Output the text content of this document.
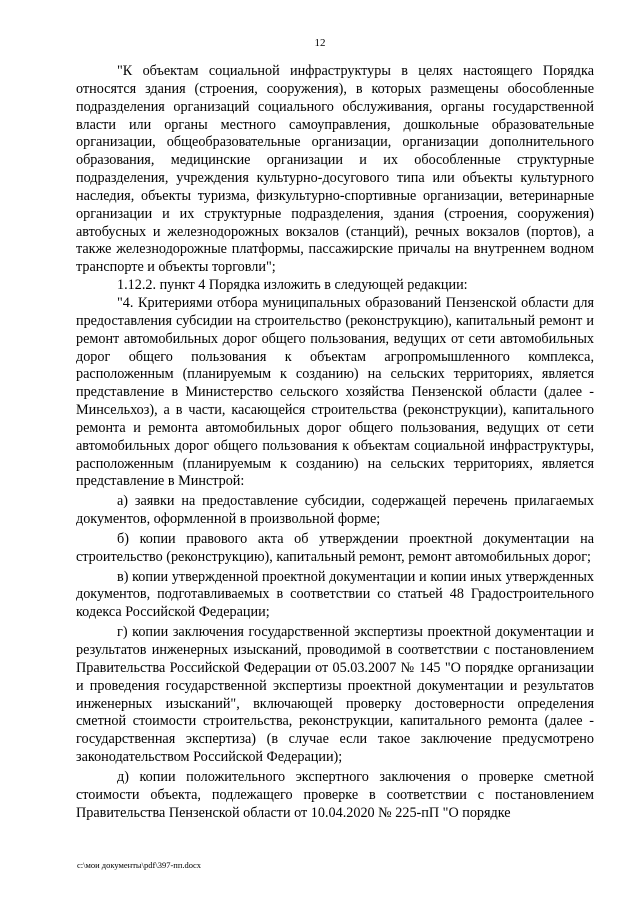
12

"К объектам социальной инфраструктуры в целях настоящего Порядка относятся здания (строения, сооружения), в которых размещены обособленные подразделения организаций социального обслуживания, органы государственной власти или органы местного самоуправления, дошкольные образовательные организации, общеобразовательные организации, организации дополнительного образования, медицинские организации и их обособленные структурные подразделения, учреждения культурно-досугового типа или объекты культурного наследия, объекты туризма, физкультурно-спортивные организации, ветеринарные организации и их структурные подразделения, здания (строения, сооружения) автобусных и железнодорожных вокзалов (станций), речных вокзалов (портов), а также железнодорожные платформы, пассажирские причалы на внутреннем водном транспорте и объекты торговли";

1.12.2. пункт 4 Порядка изложить в следующей редакции:

"4. Критериями отбора муниципальных образований Пензенской области для предоставления субсидии на строительство (реконструкцию), капитальный ремонт и ремонт автомобильных дорог общего пользования, ведущих от сети автомобильных дорог общего пользования к объектам агропромышленного комплекса, расположенным (планируемым к созданию) на сельских территориях, является представление в Министерство сельского хозяйства Пензенской области (далее - Минсельхоз), а в части, касающейся строительства (реконструкции), капитального ремонта и ремонта автомобильных дорог общего пользования, ведущих от сети автомобильных дорог общего пользования к объектам социальной инфраструктуры, расположенным (планируемым к созданию) на сельских территориях, является представление в Минстрой:

а) заявки на предоставление субсидии, содержащей перечень прилагаемых документов, оформленной в произвольной форме;

б) копии правового акта об утверждении проектной документации на строительство (реконструкцию), капитальный ремонт, ремонт автомобильных дорог;

в) копии утвержденной проектной документации и копии иных утвержденных документов, подготавливаемых в соответствии со статьей 48 Градостроительного кодекса Российской Федерации;

г) копии заключения государственной экспертизы проектной документации и результатов инженерных изысканий, проводимой в соответствии с постановлением Правительства Российской Федерации от 05.03.2007 № 145 "О порядке организации и проведения государственной экспертизы проектной документации и результатов инженерных изысканий", включающей проверку достоверности определения сметной стоимости строительства, реконструкции, капитального ремонта (далее - государственная экспертиза) (в случае если такое заключение предусмотрено законодательством Российской Федерации);

д) копии положительного экспертного заключения о проверке сметной стоимости объекта, подлежащего проверке в соответствии с постановлением Правительства Пензенской области от 10.04.2020 № 225-пП "О порядке

c:\мои документы\pdf\397-пп.docx
